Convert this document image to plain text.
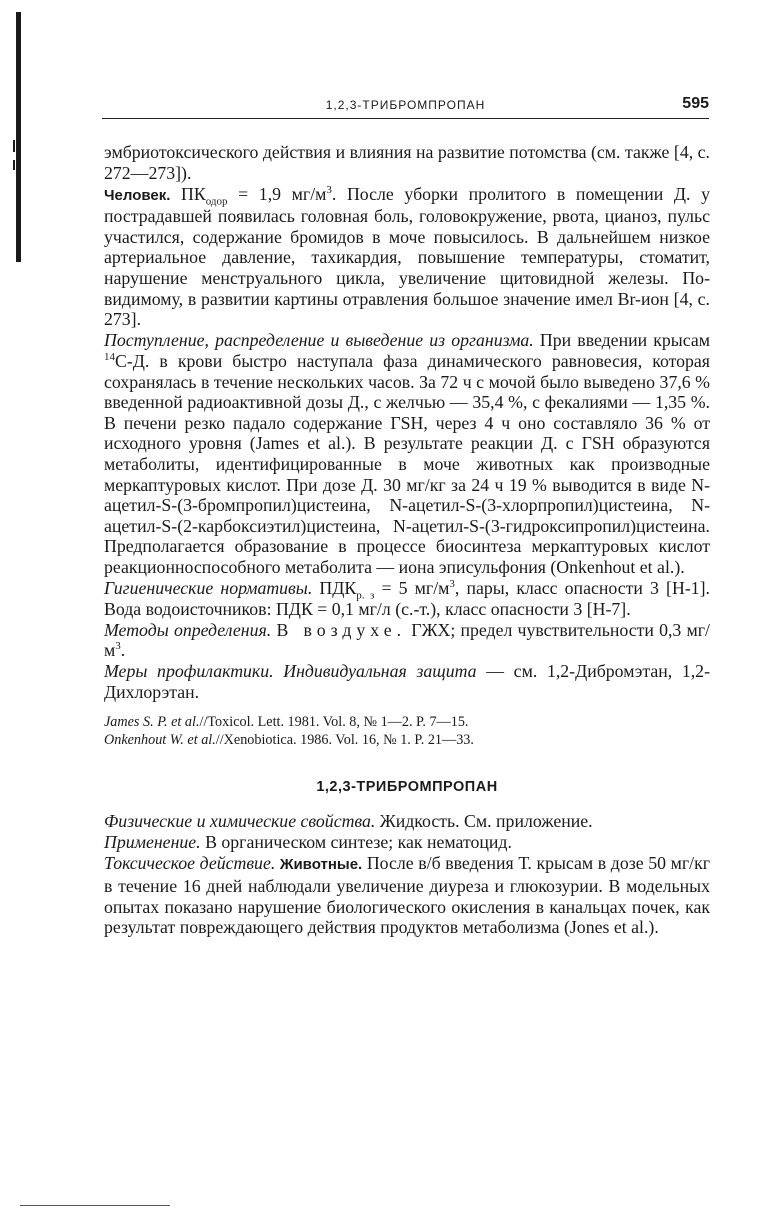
1,2,3-ТРИБРОМПРОПАН	595

эмбриотоксического действия и влияния на развитие потомства (см. также [4, с. 272—273]).

Человек. $ПК_{одор} = 1,9$ $мг/м^3$. После уборки пролитого в помещении Д. у пострадавшей появилась головная боль, головокружение, рвота, цианоз, пульс участился, содержание бромидов в моче повысилось. В дальнейшем низкое артериальное давление, тахикардия, повышение температуры, стоматит, нарушение менструального цикла, увеличение щитовидной железы. По-видимому, в развитии картины отравления большое значение имел Br-ион [4, с. 273].

Поступление, распределение и выведение из организма. При введении крысам $^{14}$С-Д. в крови быстро наступала фаза динамического равновесия, которая сохранялась в течение нескольких часов. За 72 ч с мочой было выведено 37,6 % введенной радиоактивной дозы Д., с желчью — 35,4 %, с фекалиями — 1,35 %. В печени резко падало содержание ГSH, через 4 ч оно составляло 36 % от исходного уровня (James et al.). В результате реакции Д. с ГSH образуются метаболиты, идентифицированные в моче животных как производные меркаптуровых кислот. При дозе Д. 30 мг/кг за 24 ч 19 % выводится в виде N-ацетил-S-(3-бромпропил)цистеина, N-ацетил-S-(3-хлорпропил)цистеина, N-ацетил-S-(2-карбоксиэтил)цистеина, N-ацетил-S-(3-гидроксипропил)цистеина. Предполагается образование в процессе биосинтеза меркаптуровых кислот реакционноспособного метаболита — иона эписульфония (Onkenhout et al.).

Гигиенические нормативы. $ПДК_{р. з} = 5$ $мг/м^3$, пары, класс опасности 3 [Н-1]. Вода водоисточников: ПДК = 0,1 мг/л (с.-т.), класс опасности 3 [Н-7].

Методы определения. В воздухе. ГЖХ; предел чувствительности 0,3 $мг/м^3$.

Меры профилактики. Индивидуальная защита — см. 1,2-Дибромэтан, 1,2-Дихлорэтан.

James S. P. et al.//Toxicol. Lett. 1981. Vol. 8, № 1—2. P. 7—15.

Onkenhout W. et al.//Xenobiotica. 1986. Vol. 16, № 1. P. 21—33.

1,2,3-ТРИБРОМПРОПАН

Физические и химические свойства. Жидкость. См. приложение.

Применение. В органическом синтезе; как нематоцид.

Токсическое действие. Животные. После в/б введения Т. крысам в дозе 50 мг/кг в течение 16 дней наблюдали увеличение диуреза и глюкозурии. В модельных опытах показано нарушение биологического окисления в канальцах почек, как результат повреждающего действия продуктов метаболизма (Jones et al.).
